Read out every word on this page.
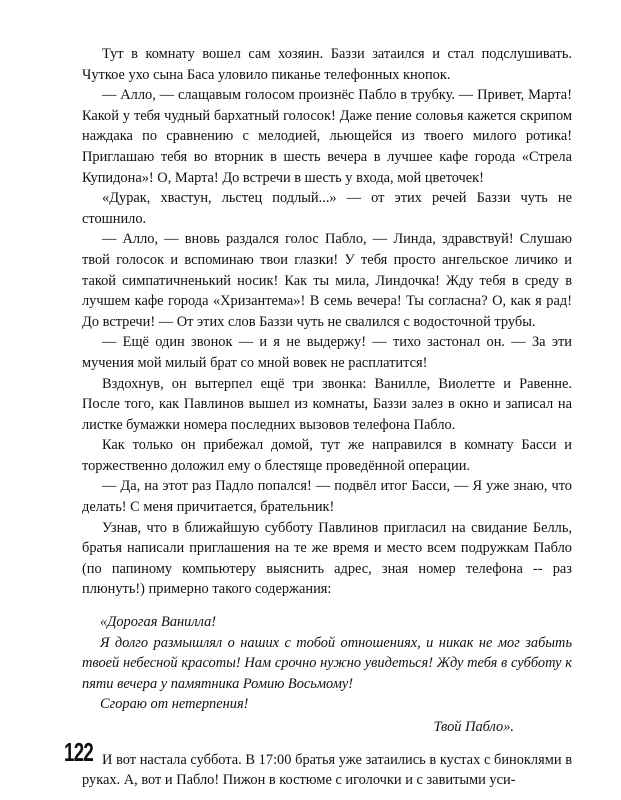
Тут в комнату вошел сам хозяин. Баззи затаился и стал подслушивать. Чуткое ухо сына Баса уловило пиканье телефонных кнопок.

— Алло, — слащавым голосом произнёс Пабло в трубку. — Привет, Марта! Какой у тебя чудный бархатный голосок! Даже пение соловья кажется скрипом наждака по сравнению с мелодией, льющейся из твоего милого ротика! Приглашаю тебя во вторник в шесть вечера в лучшее кафе города «Стрела Купидона»! О, Марта! До встречи в шесть у входа, мой цветочек!

«Дурак, хвастун, льстец подлый...» — от этих речей Баззи чуть не стошнило.

— Алло, — вновь раздался голос Пабло, — Линда, здравствуй! Слушаю твой голосок и вспоминаю твои глазки! У тебя просто ангельское личико и такой симпатичненький носик! Как ты мила, Линдочка! Жду тебя в среду в лучшем кафе города «Хризантема»! В семь вечера! Ты согласна? О, как я рад! До встречи! — От этих слов Баззи чуть не свалился с водосточной трубы.

— Ещё один звонок — и я не выдержу! — тихо застонал он. — За эти мучения мой милый брат со мной вовек не расплатится!

Вздохнув, он вытерпел ещё три звонка: Ванилле, Виолетте и Равенне. После того, как Павлинов вышел из комнаты, Баззи залез в окно и записал на листке бумажки номера последних вызовов телефона Пабло.

Как только он прибежал домой, тут же направился в комнату Басси и торжественно доложил ему о блестяще проведённой операции.

— Да, на этот раз Падло попался! — подвёл итог Басси, — Я уже знаю, что делать! С меня причитается, брательник!

Узнав, что в ближайшую субботу Павлинов пригласил на свидание Белль, братья написали приглашения на те же время и место всем подружкам Пабло (по папиному компьютеру выяснить адрес, зная номер телефона -- раз плюнуть!) примерно такого содержания:

«Дорогая Ванилла!

Я долго размышлял о наших с тобой отношениях, и никак не мог забыть твоей небесной красоты! Нам срочно нужно увидеться! Жду тебя в субботу к пяти вечера у памятника Ромию Восьмому!

Сгораю от нетерпения!

Твой Пабло».

И вот настала суббота. В 17:00 братья уже затаились в кустах с биноклями в руках. А, вот и Пабло! Пижон в костюме с иголочки и с завитыми уси-

122
